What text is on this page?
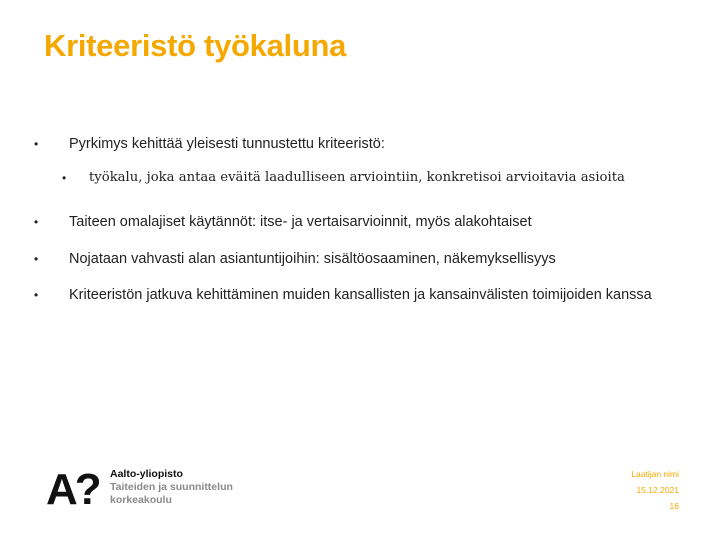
Kriteeristö työkaluna
• Pyrkimys kehittää yleisesti tunnustettu kriteeristö:
• työkalu, joka antaa eväitä laadulliseen arviointiin, konkretisoi arvioitavia asioita
• Taiteen omalajiset käytännöt: itse- ja vertaisarvioinnit, myös alakohtaiset
• Nojataan vahvasti alan asiantuntijoihin: sisältöosaaminen, näkemyksellisyys
• Kriteeristön jatkuva kehittäminen muiden kansallisten ja kansainvälisten toimijoiden kanssa
A? Aalto-yliopisto
Taiteiden ja suunnittelun
korkeakoulu
Laatijan nimi
15.12.2021
16
